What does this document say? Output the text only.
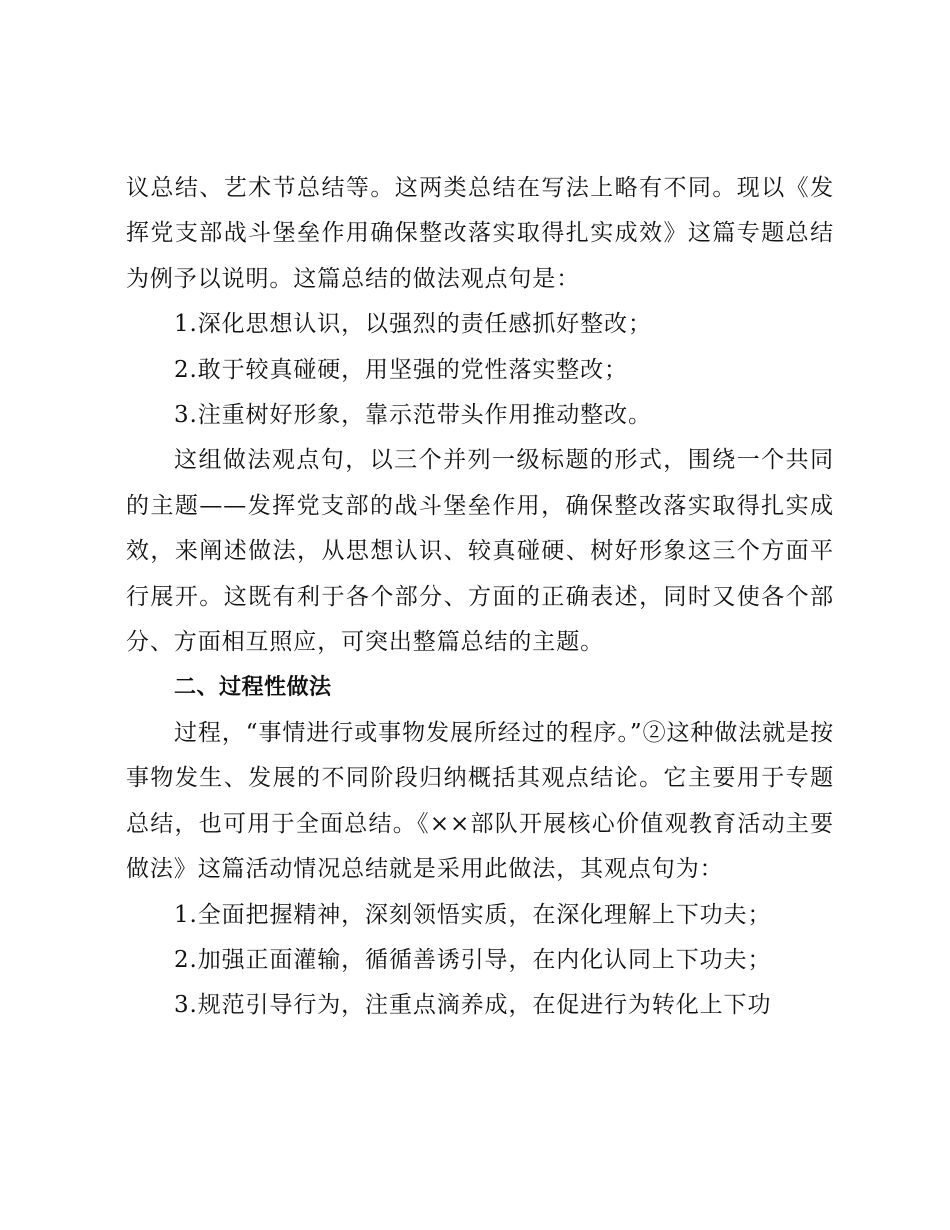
议总结、艺术节总结等。这两类总结在写法上略有不同。现以《发挥党支部战斗堡垒作用确保整改落实取得扎实成效》这篇专题总结为例予以说明。这篇总结的做法观点句是：

1.深化思想认识，以强烈的责任感抓好整改；

2.敢于较真碰硬，用坚强的党性落实整改；

3.注重树好形象，靠示范带头作用推动整改。

这组做法观点句，以三个并列一级标题的形式，围绕一个共同的主题——发挥党支部的战斗堡垒作用，确保整改落实取得扎实成效，来阐述做法，从思想认识、较真碰硬、树好形象这三个方面平行展开。这既有利于各个部分、方面的正确表述，同时又使各个部分、方面相互照应，可突出整篇总结的主题。

二、过程性做法

过程，“事情进行或事物发展所经过的程序。”②这种做法就是按事物发生、发展的不同阶段归纳概括其观点结论。它主要用于专题总结，也可用于全面总结。《××部队开展核心价值观教育活动主要做法》这篇活动情况总结就是采用此做法，其观点句为：

1.全面把握精神，深刻领悟实质，在深化理解上下功夫；

2.加强正面灌输，循循善诱引导，在内化认同上下功夫；

3.规范引导行为，注重点滴养成，在促进行为转化上下功
